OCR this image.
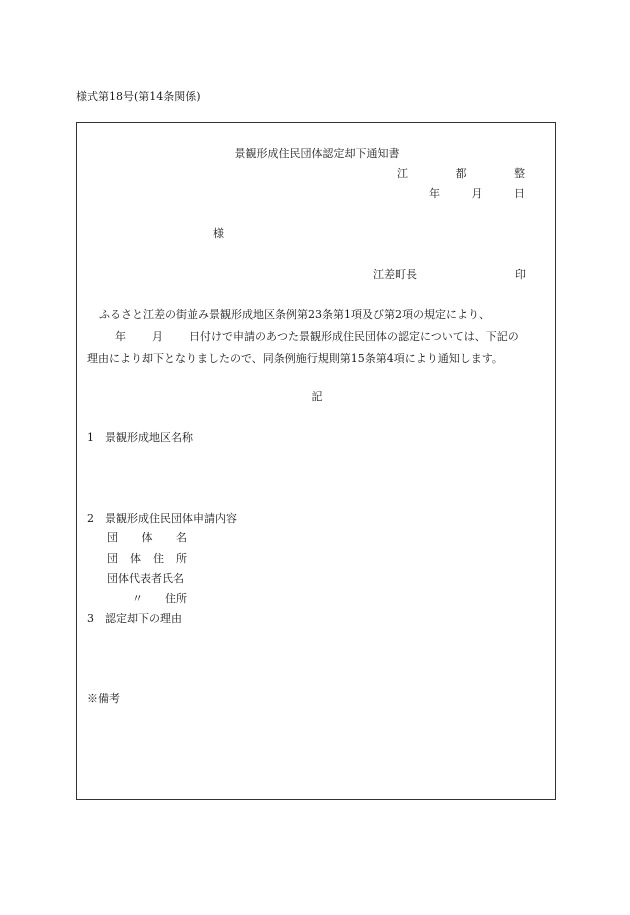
様式第18号(第14条関係)
景観形成住民団体認定却下通知書
江	都	整
年	月	日
様
江差町長	印
ふるさと江差の街並み景観形成地区条例第23条第1項及び第2項の規定により、
年 月 日付けで申請のあつた景観形成住民団体の認定については、下記の
理由により却下となりましたので、同条例施行規則第15条第4項により通知します。
記
1　景観形成地区名称
2　景観形成住民団体申請内容
団 体 名
団 体 住 所
団体代表者氏名
〃 住所
3　認定却下の理由
※備考
